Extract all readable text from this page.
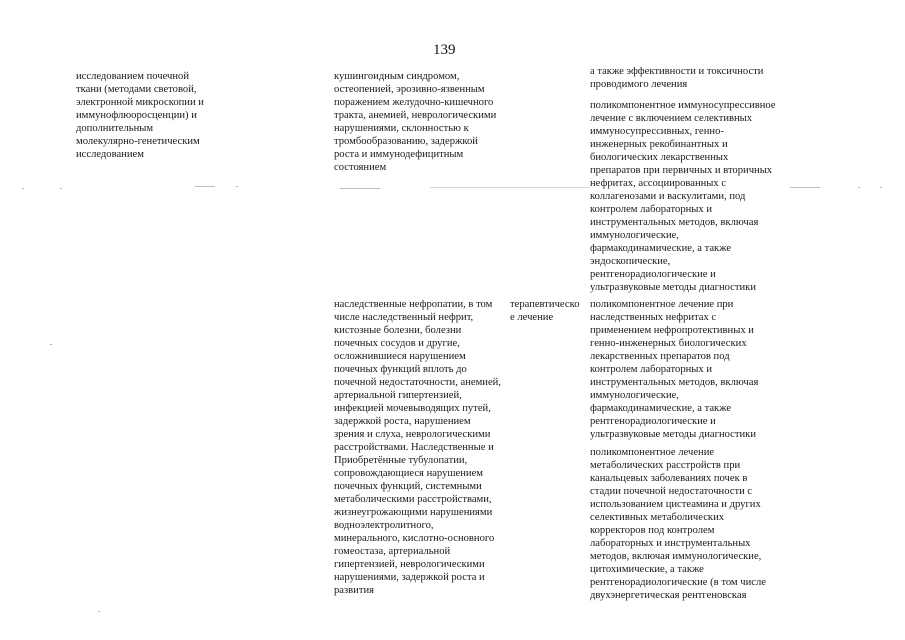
139

исследованием почечной
ткани (методами световой,
электронной микроскопии и
иммунофлюоросценции) и
дополнительным
молекулярно-генетическим
исследованием

кушингоидным синдромом,
остеопенией, эрозивно-язвенным
поражением желудочно-кишечного
тракта, анемией, неврологическими
нарушениями, склонностью к
тромбообразованию, задержкой
роста и иммунодефицитным
состоянием

а также эффективности и токсичности
проводимого лечения

поликомпонентное иммуносупрессивное
лечение с включением селективных
иммуносупрессивных, генно-
инженерных рекобинантных и
биологических лекарственных
препаратов при первичных и вторичных
нефритах, ассоциированных с
коллагенозами и васкулитами, под
контролем лабораторных и
инструментальных методов, включая
иммунологические,
фармакодинамические, а также
эндоскопические,
рентгенорадиологические и
ультразвуковые методы диагностики

наследственные нефропатии, в том
числе наследственный нефрит,
кистозные болезни, болезни
почечных сосудов и другие,
осложнившиеся нарушением
почечных функций вплоть до
почечной недостаточности, анемией,
артериальной гипертензией,
инфекцией мочевыводящих путей,
задержкой роста, нарушением
зрения и слуха, неврологическими
расстройствами. Наследственные и
Приобретённые тубулопатии,
сопровождающиеся нарушением
почечных функций, системными
метаболическими расстройствами,
жизнеугрожающими нарушениями
водноэлектролитного,
минерального, кислотно-основного
гомеостаза, артериальной
гипертензией, неврологическими
нарушениями, задержкой роста и
развития

терапевтическо
е лечение

поликомпонентное лечение при
наследственных нефритах с
применением нефропротективных и
генно-инженерных биологических
лекарственных препаратов под
контролем лабораторных и
инструментальных методов, включая
иммунологические,
фармакодинамические, а также
рентгенорадиологические и
ультразвуковые методы диагностики

поликомпонентное лечение
метаболических расстройств при
канальцевых заболеваниях почек в
стадии почечной недостаточности с
использованием цистеамина и других
селективных метаболических
корректоров под контролем
лабораторных и инструментальных
методов, включая иммунологические,
цитохимические, а также
рентгенорадиологические (в том числе
двухэнергетическая рентгеновская
